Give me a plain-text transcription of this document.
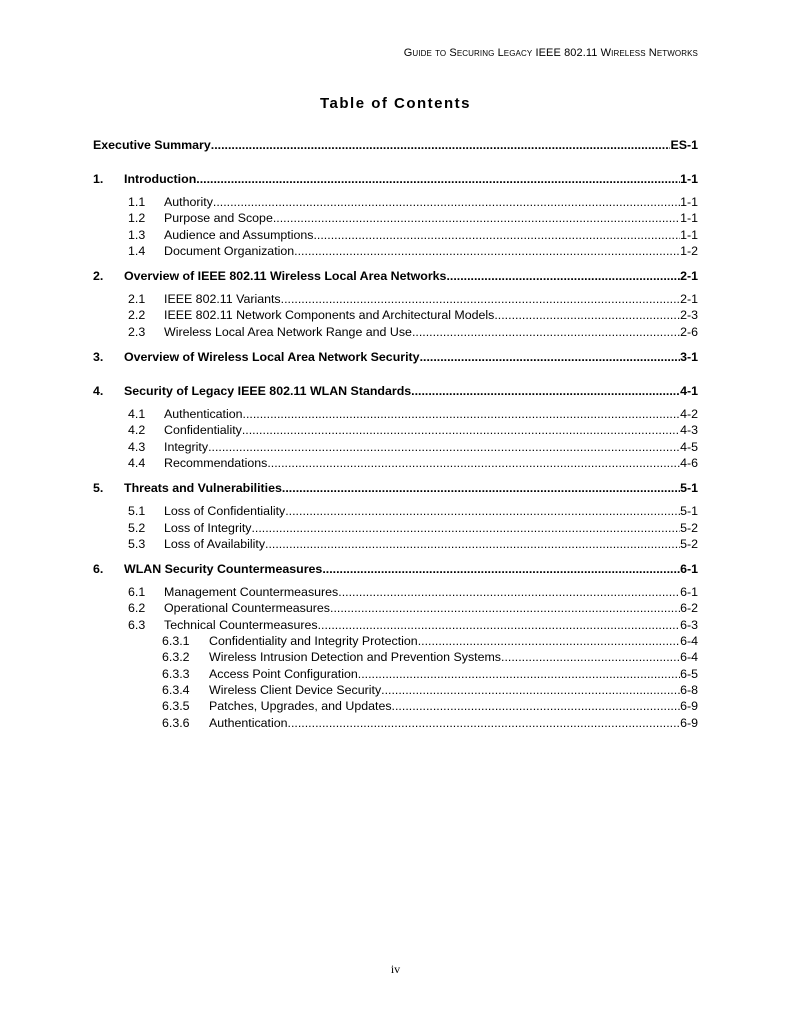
Guide to Securing Legacy IEEE 802.11 Wireless Networks
Table of Contents
Executive Summary .....	ES-1
1.	Introduction .....	1-1
1.1	Authority .....	1-1
1.2	Purpose and Scope .....	1-1
1.3	Audience and Assumptions .....	1-1
1.4	Document Organization .....	1-2
2.	Overview of IEEE 802.11 Wireless Local Area Networks .....	2-1
2.1	IEEE 802.11 Variants .....	2-1
2.2	IEEE 802.11 Network Components and Architectural Models .....	2-3
2.3	Wireless Local Area Network Range and Use .....	2-6
3.	Overview of Wireless Local Area Network Security .....	3-1
4.	Security of Legacy IEEE 802.11 WLAN Standards .....	4-1
4.1	Authentication .....	4-2
4.2	Confidentiality .....	4-3
4.3	Integrity .....	4-5
4.4	Recommendations .....	4-6
5.	Threats and Vulnerabilities .....	5-1
5.1	Loss of Confidentiality .....	5-1
5.2	Loss of Integrity .....	5-2
5.3	Loss of Availability .....	5-2
6.	WLAN Security Countermeasures .....	6-1
6.1	Management Countermeasures .....	6-1
6.2	Operational Countermeasures .....	6-2
6.3	Technical Countermeasures .....	6-3
6.3.1	Confidentiality and Integrity Protection .....	6-4
6.3.2	Wireless Intrusion Detection and Prevention Systems .....	6-4
6.3.3	Access Point Configuration .....	6-5
6.3.4	Wireless Client Device Security .....	6-8
6.3.5	Patches, Upgrades, and Updates .....	6-9
6.3.6	Authentication .....	6-9
iv
